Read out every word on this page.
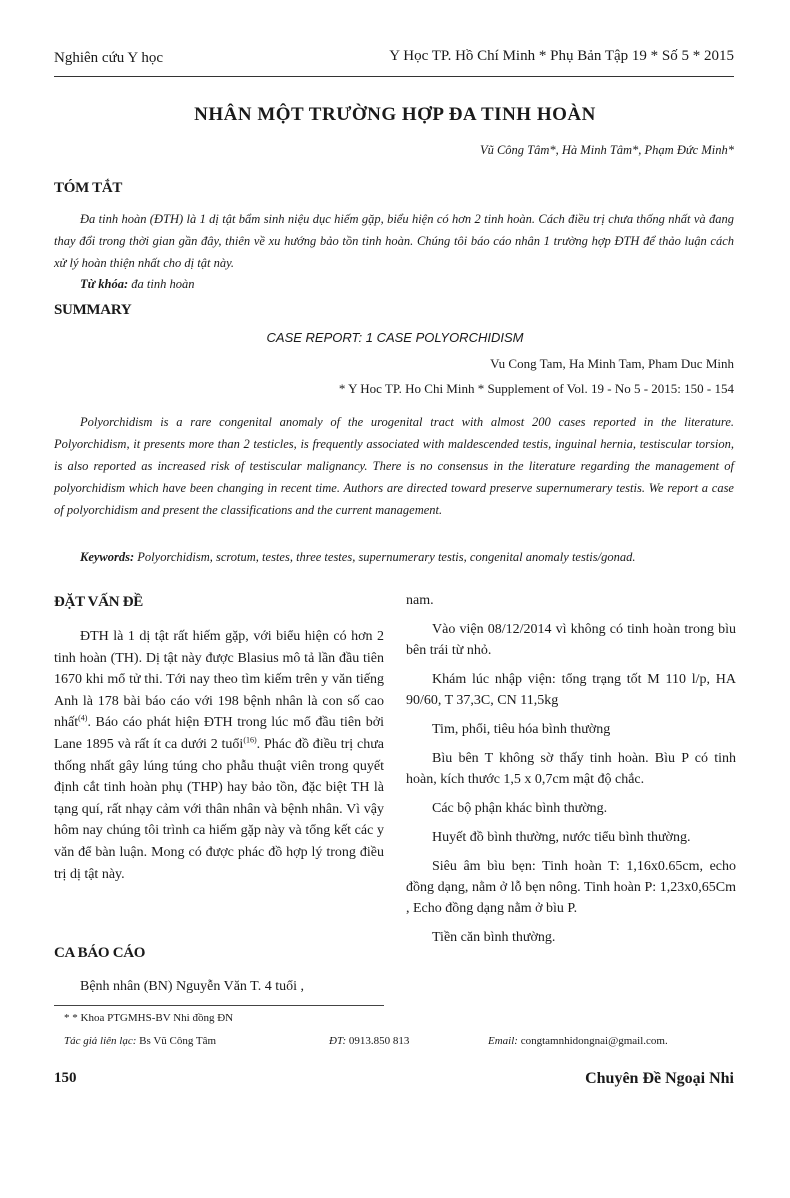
Nghiên cứu Y học	Y Học TP. Hồ Chí Minh * Phụ Bản Tập 19 * Số 5 * 2015
NHÂN MỘT TRƯỜNG HỢP ĐA TINH HOÀN
Vũ Công Tâm*, Hà Minh Tâm*, Phạm Đức Minh*
TÓM TẮT

Đa tinh hoàn (ĐTH) là 1 dị tật bẩm sinh niệu dục hiếm gặp, biểu hiện có hơn 2 tinh hoàn. Cách điều trị chưa thống nhất và đang thay đổi trong thời gian gần đây, thiên về xu hướng bảo tồn tinh hoàn. Chúng tôi báo cáo nhân 1 trường hợp ĐTH để thảo luận cách xử lý hoàn thiện nhất cho dị tật này.

Từ khóa: đa tinh hoàn
SUMMARY
CASE REPORT: 1 CASE POLYORCHIDISM
Vu Cong Tam, Ha Minh Tam, Pham Duc Minh
* Y Hoc TP. Ho Chi Minh * Supplement of Vol. 19 - No 5 - 2015: 150 - 154

Polyorchidism is a rare congenital anomaly of the urogenital tract with almost 200 cases reported in the literature. Polyorchidism, it presents more than 2 testicles, is frequently associated with maldescended testis, inguinal hernia, testiscular torsion, is also reported as increased risk of testiscular malignancy. There is no consensus in the literature regarding the management of polyorchidism which have been changing in recent time. Authors are directed toward preserve supernumerary testis. We report a case of polyorchidism and present the classifications and the current management.

Keywords: Polyorchidism, scrotum, testes, three testes, supernumerary testis, congenital anomaly testis/gonad.

ĐẶT VẤN ĐỀ

ĐTH là 1 dị tật rất hiếm gặp, với biểu hiện có hơn 2 tinh hoàn (TH). Dị tật này được Blasius mô tả lần đầu tiên 1670 khi mổ tử thi. Tới nay theo tìm kiếm trên y văn tiếng Anh là 178 bài báo cáo với 198 bệnh nhân là con số cao nhất$^{(4)}$. Báo cáo phát hiện ĐTH trong lúc mổ đầu tiên bởi Lane 1895 và rất ít ca dưới 2 tuổi$^{(16)}$. Phác đồ điều trị chưa thống nhất gây lúng túng cho phẫu thuật viên trong quyết định cắt tinh hoàn phụ (THP) hay bảo tồn, đặc biệt TH là tạng quí, rất nhạy cảm với thân nhân và bệnh nhân. Vì vậy hôm nay chúng tôi trình ca hiếm gặp này và tổng kết các y văn để bàn luận. Mong có được phác đồ hợp lý trong điều trị dị tật này.

CA BÁO CÁO

Bệnh nhân (BN) Nguyễn Văn T. 4 tuổi ,

nam.

Vào viện 08/12/2014 vì không có tinh hoàn trong bìu bên trái từ nhỏ.

Khám lúc nhập viện: tổng trạng tốt M 110 l/p, HA 90/60, T 37,3C, CN 11,5kg

Tim, phổi, tiêu hóa bình thường

Bìu bên T không sờ thấy tinh hoàn. Bìu P có tinh hoàn, kích thước 1,5 x 0,7cm mật độ chắc.

Các bộ phận khác bình thường.

Huyết đồ bình thường, nước tiểu bình thường.

Siêu âm bìu bẹn: Tinh hoàn T: 1,16x0.65cm, echo đồng dạng, nằm ở lỗ bẹn nông. Tinh hoàn P: 1,23x0,65Cm , Echo đồng dạng nằm ở bìu P.

Tiền căn bình thường.

* * Khoa PTGMHS-BV Nhi đồng ĐN
Tác giả liên lạc: Bs Vũ Công Tâm	ĐT: 0913.850 813	Email: congtamnhidongnai@gmail.com.
150	Chuyên Đề Ngoại Nhi
